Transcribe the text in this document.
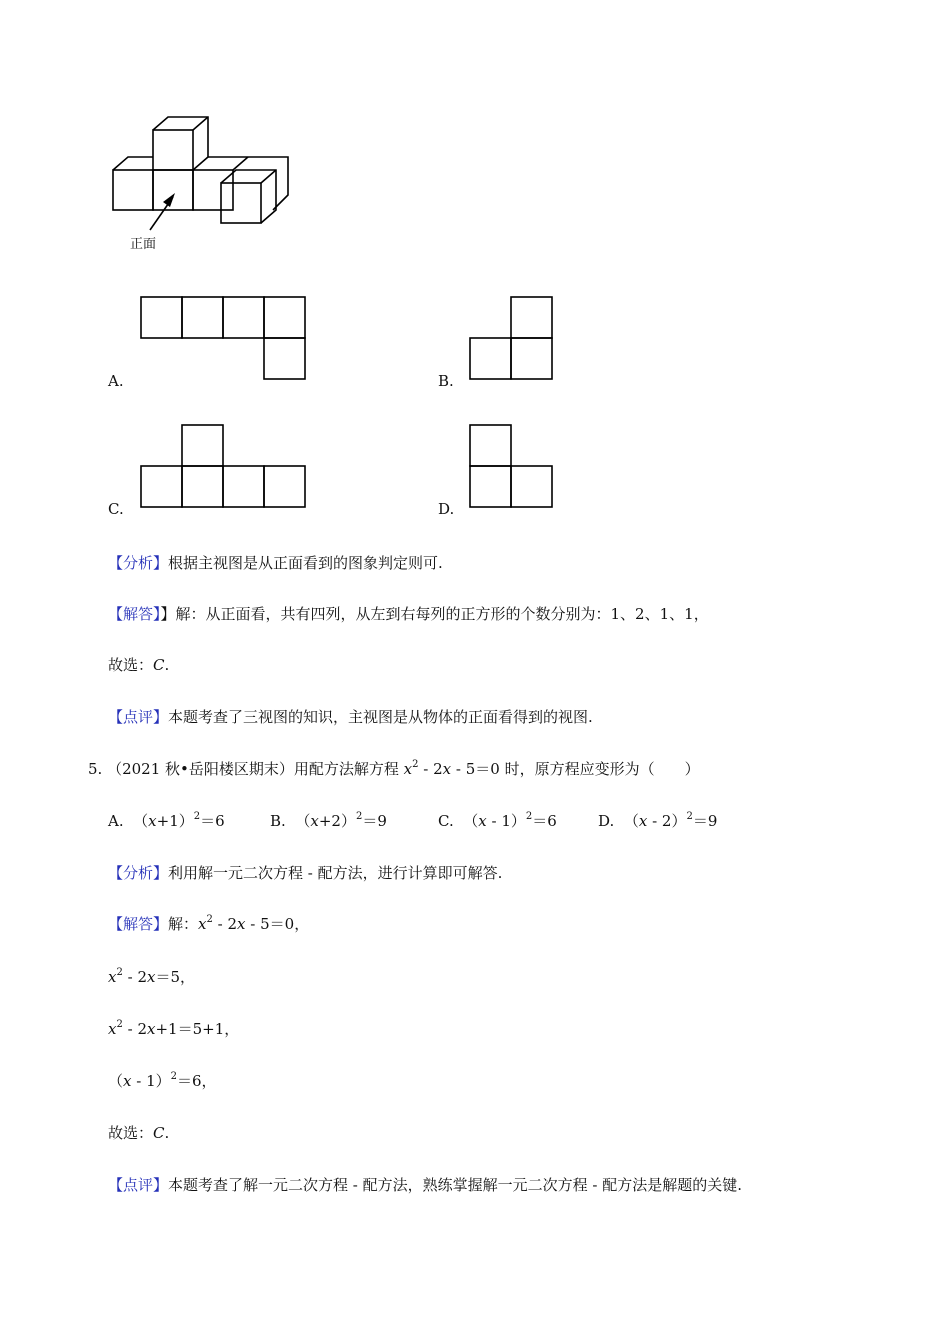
正面
A.	B.
C.	D.
【分析】根据主视图是从正面看到的图象判定则可.
【解答】】解：从正面看，共有四列，从左到右每列的正方形的个数分别为：1、2、1、1，
故选：C.
【点评】本题考查了三视图的知识，主视图是从物体的正面看得到的视图.
5. （2021 秋•岳阳楼区期末）用配方法解方程 $x^2 - 2x - 5=0$ 时，原方程应变形为（　　）
A. $(x+1)^2=6$	B. $(x+2)^2=9$	C. （x - 1）$^2$＝6	D. （x - 2）$^2$＝9
【分析】利用解一元二次方程 - 配方法，进行计算即可解答.
【解答】解：$x^2 - 2x - 5=0$，
$x^2 - 2x=5$，
$x^2 - 2x+1=5+1$，
（x - 1）$^2$＝6，
故选：C.
【点评】本题考查了解一元二次方程 - 配方法，熟练掌握解一元二次方程 - 配方法是解题的关键.
